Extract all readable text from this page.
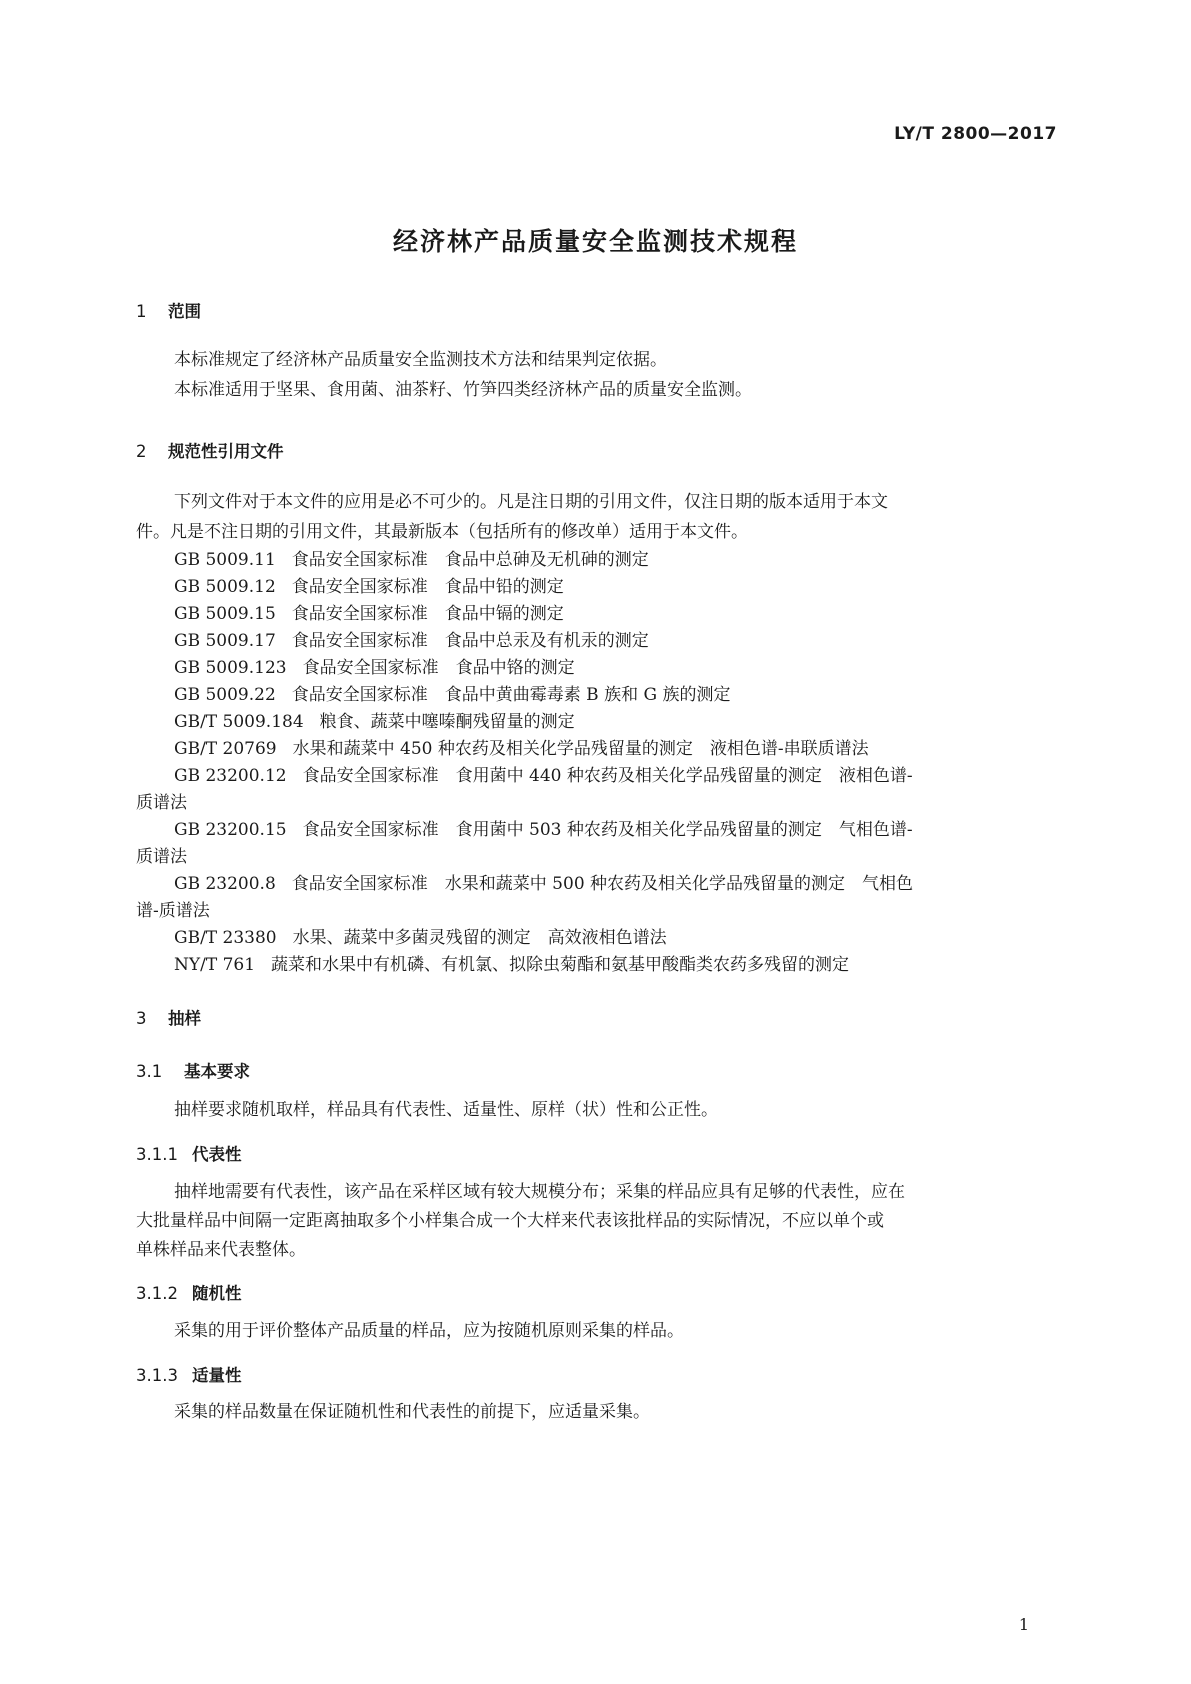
LY/T 2800—2017
经济林产品质量安全监测技术规程
1 范围
本标准规定了经济林产品质量安全监测技术方法和结果判定依据。
本标准适用于坚果、食用菌、油茶籽、竹笋四类经济林产品的质量安全监测。
2 规范性引用文件
下列文件对于本文件的应用是必不可少的。凡是注日期的引用文件，仅注日期的版本适用于本文
件。凡是不注日期的引用文件，其最新版本（包括所有的修改单）适用于本文件。
GB 5009.11 食品安全国家标准　食品中总砷及无机砷的测定
GB 5009.12 食品安全国家标准　食品中铅的测定
GB 5009.15 食品安全国家标准　食品中镉的测定
GB 5009.17 食品安全国家标准　食品中总汞及有机汞的测定
GB 5009.123 食品安全国家标准　食品中铬的测定
GB 5009.22 食品安全国家标准　食品中黄曲霉毒素 B 族和 G 族的测定
GB/T 5009.184 粮食、蔬菜中噻嗪酮残留量的测定
GB/T 20769 水果和蔬菜中 450 种农药及相关化学品残留量的测定　液相色谱-串联质谱法
GB 23200.12 食品安全国家标准　食用菌中 440 种农药及相关化学品残留量的测定　液相色谱-
质谱法
GB 23200.15 食品安全国家标准　食用菌中 503 种农药及相关化学品残留量的测定　气相色谱-
质谱法
GB 23200.8 食品安全国家标准　水果和蔬菜中 500 种农药及相关化学品残留量的测定　气相色
谱-质谱法
GB/T 23380 水果、蔬菜中多菌灵残留的测定　高效液相色谱法
NY/T 761 蔬菜和水果中有机磷、有机氯、拟除虫菊酯和氨基甲酸酯类农药多残留的测定
3 抽样
3.1 基本要求
抽样要求随机取样，样品具有代表性、适量性、原样（状）性和公正性。
3.1.1 代表性
抽样地需要有代表性，该产品在采样区域有较大规模分布；采集的样品应具有足够的代表性，应在
大批量样品中间隔一定距离抽取多个小样集合成一个大样来代表该批样品的实际情况，不应以单个或
单株样品来代表整体。
3.1.2 随机性
采集的用于评价整体产品质量的样品，应为按随机原则采集的样品。
3.1.3 适量性
采集的样品数量在保证随机性和代表性的前提下，应适量采集。
1
